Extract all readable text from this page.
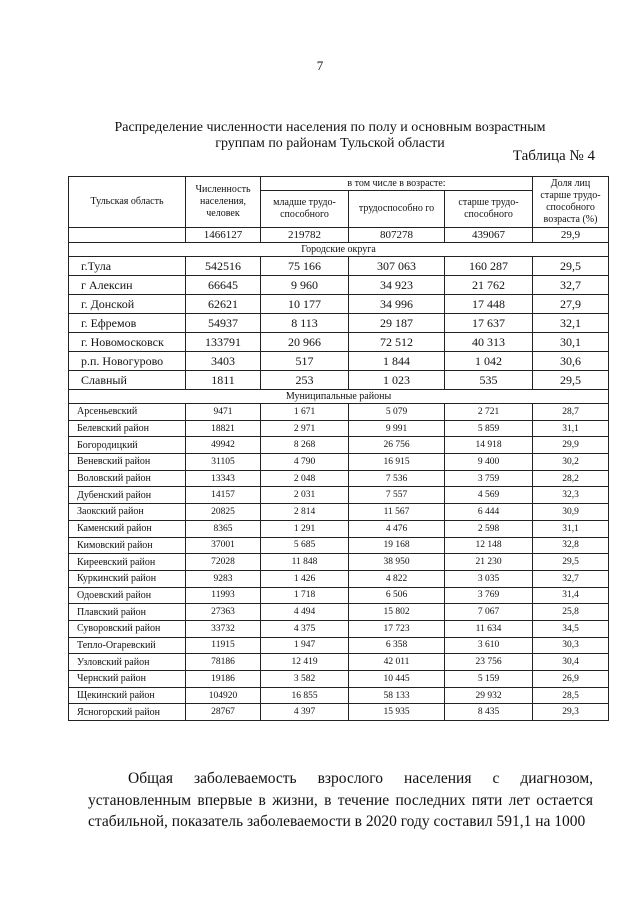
7
Распределение численности населения по полу и основным возрастным группам по районам Тульской области
Таблица № 4
Тульская область	Численность населения, человек	в том числе в возрасте:			Доля лиц старше трудо-способного возраста (%)
		младше трудо-способного	трудоспособно го	старше трудо-способного	
	1466127	219782	807278	439067	29,9
Городские округа					
г.Тула	542516	75 166	307 063	160 287	29,5
г Алексин	66645	9 960	34 923	21 762	32,7
г. Донской	62621	10 177	34 996	17 448	27,9
г. Ефремов	54937	8 113	29 187	17 637	32,1
г. Новомосковск	133791	20 966	72 512	40 313	30,1
р.п. Новогурово	3403	517	1 844	1 042	30,6
Славный	1811	253	1 023	535	29,5
Муниципальные районы					
Арсеньевский	9471	1 671	5 079	2 721	28,7
Белевский район	18821	2 971	9 991	5 859	31,1
Богородицкий	49942	8 268	26 756	14 918	29,9
Веневский район	31105	4 790	16 915	9 400	30,2
Воловский район	13343	2 048	7 536	3 759	28,2
Дубенский район	14157	2 031	7 557	4 569	32,3
Заокский район	20825	2 814	11 567	6 444	30,9
Каменский район	8365	1 291	4 476	2 598	31,1
Кимовский район	37001	5 685	19 168	12 148	32,8
Киреевский район	72028	11 848	38 950	21 230	29,5
Куркинский район	9283	1 426	4 822	3 035	32,7
Одоевский район	11993	1 718	6 506	3 769	31,4
Плавский район	27363	4 494	15 802	7 067	25,8
Суворовский район	33732	4 375	17 723	11 634	34,5
Тепло-Огаревский	11915	1 947	6 358	3 610	30,3
Узловский район	78186	12 419	42 011	23 756	30,4
Чернский район	19186	3 582	10 445	5 159	26,9
Щекинский район	104920	16 855	58 133	29 932	28,5
Ясногорский район	28767	4 397	15 935	8 435	29,3
Общая заболеваемость взрослого населения с диагнозом, установленным впервые в жизни, в течение последних пяти лет остается стабильной, показатель заболеваемости в 2020 году составил 591,1 на 1000
